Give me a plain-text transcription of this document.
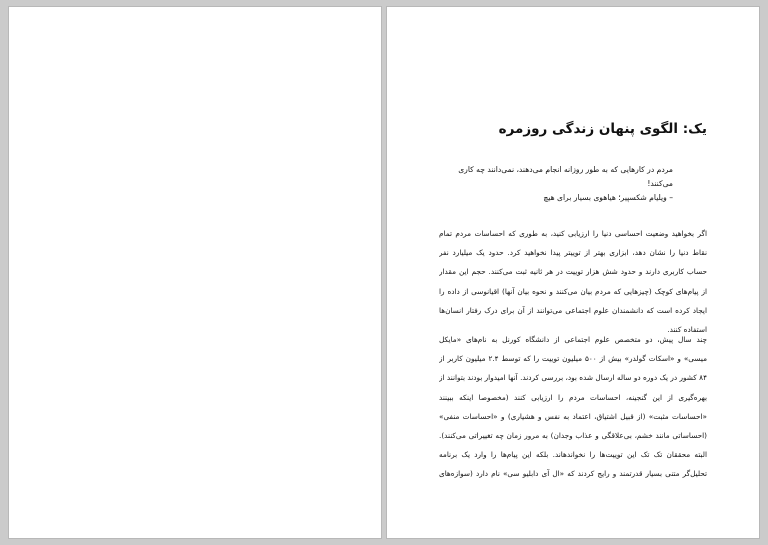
یک: الگوی پنهان زندگی روزمره
مردم در کارهایی که به طور روزانه انجام می‌دهند، نمی‌دانند چه کاری
می‌کنند!
– ویلیام شکسپیر؛ هیاهوی بسیار برای هیچ
اگر بخواهید وضعیت احساسی دنیا را ارزیابی کنید، به طوری که احساسات مردم تمام
نقاط دنیا را نشان دهد، ابزاری بهتر از توییتر پیدا نخواهید کرد. حدود یک میلیارد نفر
حساب کاربری دارند و حدود شش هزار توییت در هر ثانیه ثبت می‌کنند. حجم این مقدار
از پیام‌های کوچک (چیزهایی که مردم بیان می‌کنند و نحوه بیان آنها) اقیانوسی از داده را
ایجاد کرده است که دانشمندان علوم اجتماعی می‌توانند از آن برای درک رفتار انسان‌ها
استفاده کنند.
چند سال پیش، دو متخصص علوم اجتماعی از دانشگاه کورنل به نام‌های «مایکل
میسی» و «اسکات گولدر» بیش از ۵۰۰ میلیون توییت را که توسط ۲.۴ میلیون کاربر از
۸۴ کشور در یک دوره دو ساله ارسال شده بود، بررسی کردند. آنها امیدوار بودند بتوانند از
بهره‌گیری از این گنجینه، احساسات مردم را ارزیابی کنند (مخصوصا اینکه ببینند
«احساسات مثبت» (از قبیل اشتیاق، اعتماد به نفس و هشیاری) و «احساسات منفی»
(احساساتی مانند خشم، بی‌علاقگی و عذاب وجدان) به مرور زمان چه تغییراتی می‌کنند).
البته محققان تک تک این توییت‌ها را نخواندهاند. بلکه این پیام‌ها را وارد یک برنامه
تحلیل‌گر متنی بسیار قدرتمند و رایج کردند که «ال آی دابلیو سی» نام دارد (سوازه‌های
